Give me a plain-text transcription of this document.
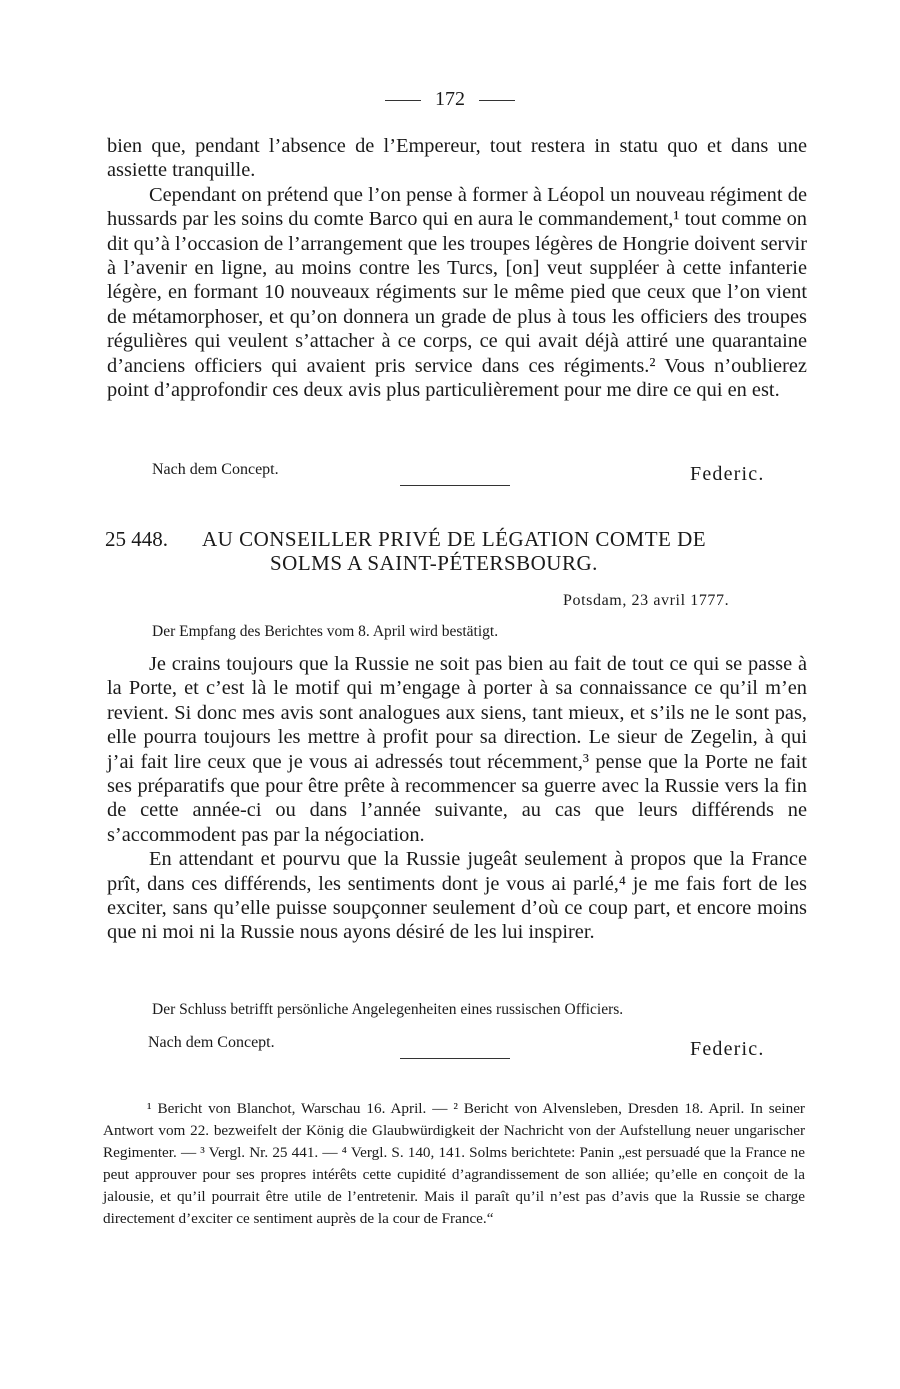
172

bien que, pendant l’absence de l’Empereur, tout restera in statu quo et dans une assiette tranquille.

Cependant on prétend que l’on pense à former à Léopol un nouveau régiment de hussards par les soins du comte Barco qui en aura le commandement,¹ tout comme on dit qu’à l’occasion de l’arrangement que les troupes légères de Hongrie doivent servir à l’avenir en ligne, au moins contre les Turcs, [on] veut suppléer à cette infanterie légère, en formant 10 nouveaux régiments sur le même pied que ceux que l’on vient de métamorphoser, et qu’on donnera un grade de plus à tous les officiers des troupes régulières qui veulent s’attacher à ce corps, ce qui avait déjà attiré une quarantaine d’anciens officiers qui avaient pris service dans ces régiments.² Vous n’oublierez point d’approfondir ces deux avis plus particulièrement pour me dire ce qui en est.

Nach dem Concept.	Federic.
25 448. AU CONSEILLER PRIVÉ DE LÉGATION COMTE DE
SOLMS A SAINT-PÉTERSBOURG.
Potsdam, 23 avril 1777.
Der Empfang des Berichtes vom 8. April wird bestätigt.

Je crains toujours que la Russie ne soit pas bien au fait de tout ce qui se passe à la Porte, et c’est là le motif qui m’engage à porter à sa connaissance ce qu’il m’en revient. Si donc mes avis sont analogues aux siens, tant mieux, et s’ils ne le sont pas, elle pourra toujours les mettre à profit pour sa direction. Le sieur de Zegelin, à qui j’ai fait lire ceux que je vous ai adressés tout récemment,³ pense que la Porte ne fait ses préparatifs que pour être prête à recommencer sa guerre avec la Russie vers la fin de cette année-ci ou dans l’année suivante, au cas que leurs différends ne s’accommodent pas par la négociation.

En attendant et pourvu que la Russie jugeât seulement à propos que la France prît, dans ces différends, les sentiments dont je vous ai parlé,⁴ je me fais fort de les exciter, sans qu’elle puisse soupçonner seulement d’où ce coup part, et encore moins que ni moi ni la Russie nous ayons désiré de les lui inspirer.

Der Schluss betrifft persönliche Angelegenheiten eines russischen Officiers.
Nach dem Concept.	Federic.

¹ Bericht von Blanchot, Warschau 16. April. — ² Bericht von Alvensleben, Dresden 18. April. In seiner Antwort vom 22. bezweifelt der König die Glaubwürdigkeit der Nachricht von der Aufstellung neuer ungarischer Regimenter. — ³ Vergl. Nr. 25 441. — ⁴ Vergl. S. 140, 141. Solms berichtete: Panin „est persuadé que la France ne peut approuver pour ses propres intérêts cette cupidité d’agrandissement de son alliée; qu’elle en conçoit de la jalousie, et qu’il pourrait être utile de l’entretenir. Mais il paraît qu’il n’est pas d’avis que la Russie se charge directement d’exciter ce sentiment auprès de la cour de France.“
